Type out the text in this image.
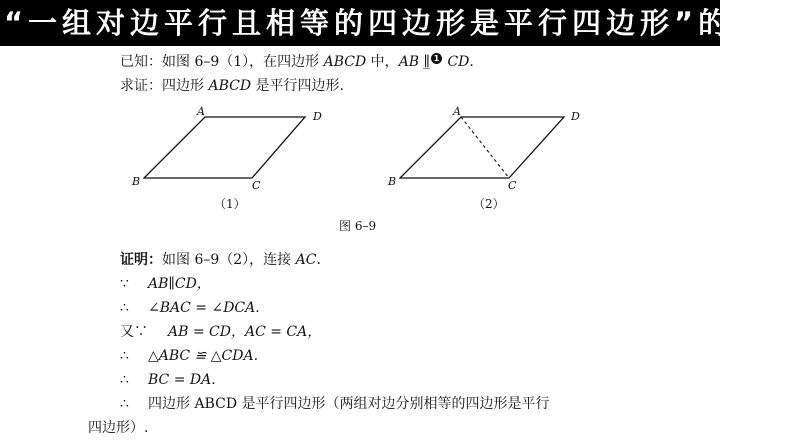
“一组对边平行且相等的四边形是平行四边形”的证明
已知：如图 6–9（1），在四边形 ABCD 中，AB ∥̲ 1 CD.
求证：四边形 ABCD 是平行四边形.
A	D
B	C
A	D
B	C
（1）	（2）
图 6–9
证明：如图 6–9（2），连接 AC.
∵ AB∥CD，
∴ ∠BAC = ∠DCA.
又∵ AB = CD，AC = CA，
∴ △ABC ≌ △CDA.
∴ BC = DA.
∴ 四边形 ABCD 是平行四边形（两组对边分别相等的四边形是平行
四边形）.
